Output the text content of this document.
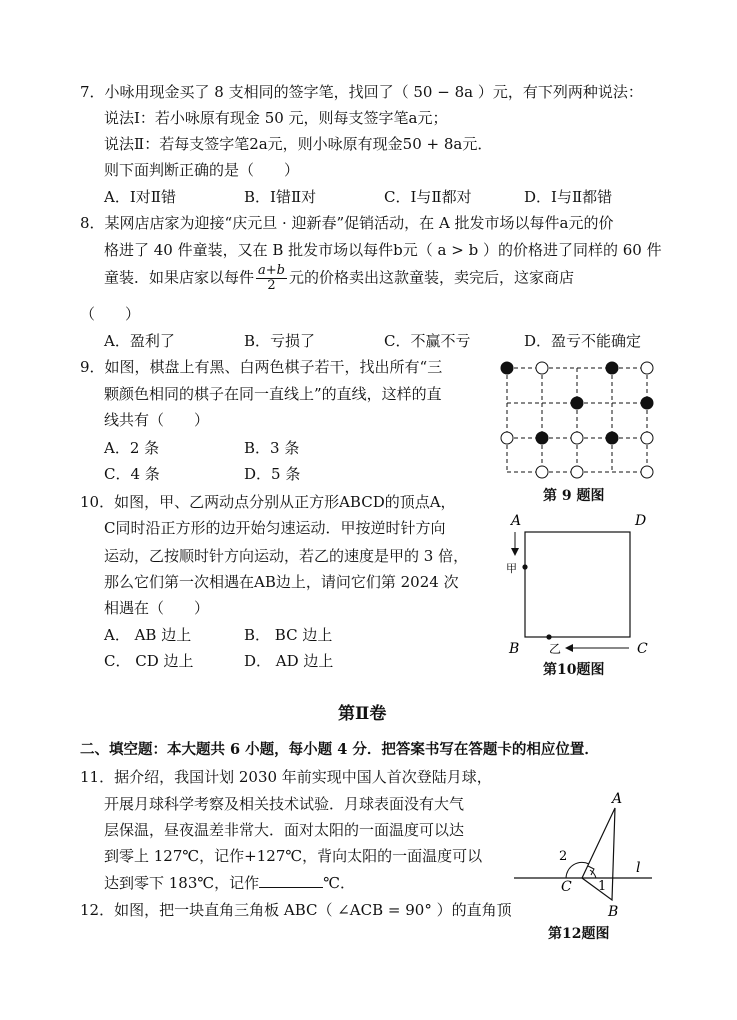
7．小咏用现金买了 8 支相同的签字笔，找回了（ 50 − 8a ）元，有下列两种说法：
说法Ⅰ：若小咏原有现金 50 元，则每支签字笔a元；
说法Ⅱ：若每支签字笔2a元，则小咏原有现金50 + 8a元．
则下面判断正确的是（　　）
A．Ⅰ对Ⅱ错	B．Ⅰ错Ⅱ对	C．Ⅰ与Ⅱ都对	D．Ⅰ与Ⅱ都错
8．某网店店家为迎接“庆元旦 · 迎新春”促销活动，在 A 批发市场以每件a元的价
格进了 40 件童装，又在 B 批发市场以每件b元（ a > b ）的价格进了同样的 60 件
童装．如果店家以每件 $\frac{a+b}{2}$ 元的价格卖出这款童装，卖完后，这家商店
（　　）
A．盈利了	B．亏损了	C．不赢不亏	D．盈亏不能确定
9．如图，棋盘上有黑、白两色棋子若干，找出所有“三
颗颜色相同的棋子在同一直线上”的直线，这样的直
线共有（　　）
A．2 条	B．3 条
C．4 条	D．5 条
第 9 题图
10．如图，甲、乙两动点分别从正方形ABCD的顶点A，
C同时沿正方形的边开始匀速运动．甲按逆时针方向
运动，乙按顺时针方向运动，若乙的速度是甲的 3 倍，
那么它们第一次相遇在AB边上，请问它们第 2024 次
相遇在（　　）
A． AB 边上	B． BC 边上
C． CD 边上	D． AD 边上
A	D
B	C
甲
乙
第10题图
第Ⅱ卷
二、填空题：本大题共 6 小题，每小题 4 分．把答案书写在答题卡的相应位置．
11．据介绍，我国计划 2030 年前实现中国人首次登陆月球，
开展月球科学考察及相关技术试验．月球表面没有大气
层保温，昼夜温差非常大．面对太阳的一面温度可以达
到零上 127℃，记作+127℃，背向太阳的一面温度可以
达到零下 183℃，记作	℃．
12．如图，把一块直角三角板 ABC（ ∠ACB = 90° ）的直角顶
A
B
C
l
2
1
第12题图
